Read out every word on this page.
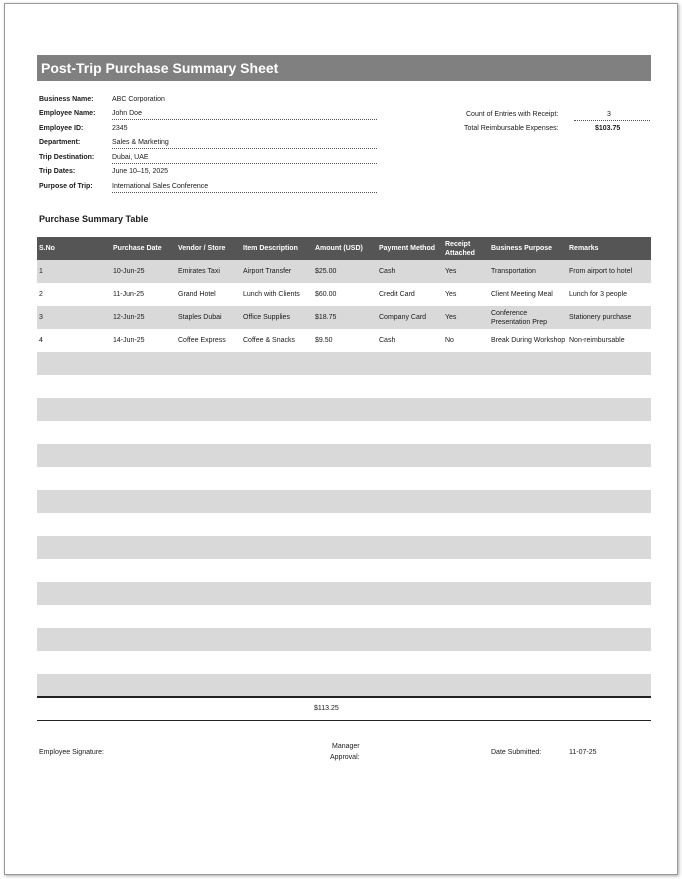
Post-Trip Purchase Summary Sheet
Business Name:	ABC Corporation
Employee Name: John Doe
Employee ID:	2345
Department:	Sales & Marketing
Trip Destination:	Dubai, UAE
Trip Dates:	June 10–15, 2025
Purpose of Trip:	International Sales Conference
Count of Entries with Receipt:	3
Total Reimbursable Expenses:	$103.75
Purchase Summary Table
S.No	Purchase Date	Vendor / Store	Item Description	Amount (USD)	Payment Method	Receipt Attached	Business Purpose	Remarks
1	10-Jun-25	Emirates Taxi	Airport Transfer	$25.00	Cash	Yes	Transportation	From airport to hotel
2	11-Jun-25	Grand Hotel	Lunch with Clients	$60.00	Credit Card	Yes	Client Meeting Meal	Lunch for 3 people
3	12-Jun-25	Staples Dubai	Office Supplies	$18.75	Company Card	Yes	Conference Presentation Prep	Stationery purchase
4	14-Jun-25	Coffee Express	Coffee & Snacks	$9.50	Cash	No	Break During Workshop	Non-reimbursable

$113.25
Employee Signature:
Manager
Approval:
Date Submitted:	11-07-25
